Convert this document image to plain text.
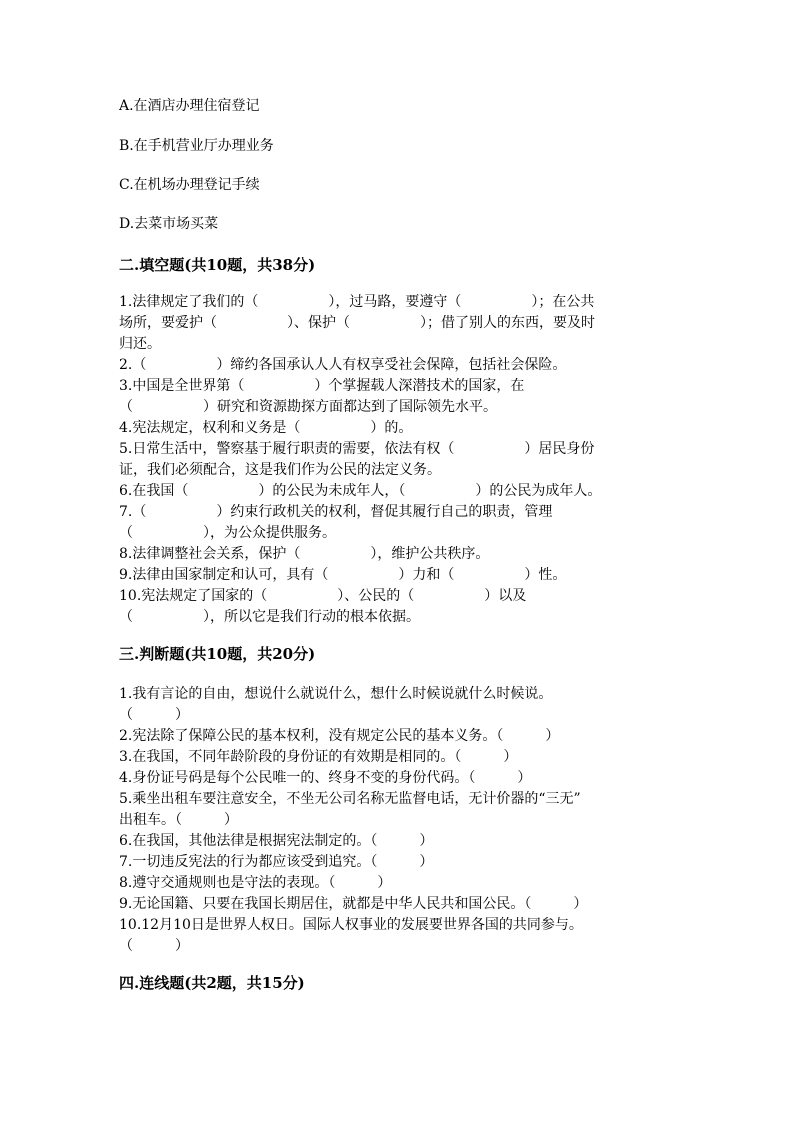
A.在酒店办理住宿登记
B.在手机营业厅办理业务
C.在机场办理登记手续
D.去菜市场买菜
二.填空题(共10题，共38分)
1.法律规定了我们的（　　　　　），过马路，要遵守（　　　　　）；在公共
场所，要爱护（　　　　　）、保护（　　　　　）；借了别人的东西，要及时
归还。
2.（　　　　　）缔约各国承认人人有权享受社会保障，包括社会保险。
3.中国是全世界第（　　　　　）个掌握载人深潜技术的国家，在
（　　　　　）研究和资源勘探方面都达到了国际领先水平。
4.宪法规定，权利和义务是（　　　　　）的。
5.日常生活中，警察基于履行职责的需要，依法有权（　　　　　）居民身份
证，我们必须配合，这是我们作为公民的法定义务。
6.在我国（　　　　　）的公民为未成年人，（　　　　　）的公民为成年人。
7.（　　　　　）约束行政机关的权利，督促其履行自己的职责，管理
（　　　　　），为公众提供服务。
8.法律调整社会关系，保护（　　　　　），维护公共秩序。
9.法律由国家制定和认可，具有（　　　　　）力和（　　　　　）性。
10.宪法规定了国家的（　　　　　）、公民的（　　　　　）以及
（　　　　　），所以它是我们行动的根本依据。
三.判断题(共10题，共20分)
1.我有言论的自由，想说什么就说什么，想什么时候说就什么时候说。
（　　　）
2.宪法除了保障公民的基本权利，没有规定公民的基本义务。（　　　）
3.在我国，不同年龄阶段的身份证的有效期是相同的。（　　　）
4.身份证号码是每个公民唯一的、终身不变的身份代码。（　　　）
5.乘坐出租车要注意安全，不坐无公司名称无监督电话，无计价器的“三无”
出租车。（　　　）
6.在我国，其他法律是根据宪法制定的。（　　　）
7.一切违反宪法的行为都应该受到追究。（　　　）
8.遵守交通规则也是守法的表现。（　　　）
9.无论国籍、只要在我国长期居住，就都是中华人民共和国公民。（　　　）
10.12月10日是世界人权日。国际人权事业的发展要世界各国的共同参与。
（　　　）
四.连线题(共2题，共15分)
